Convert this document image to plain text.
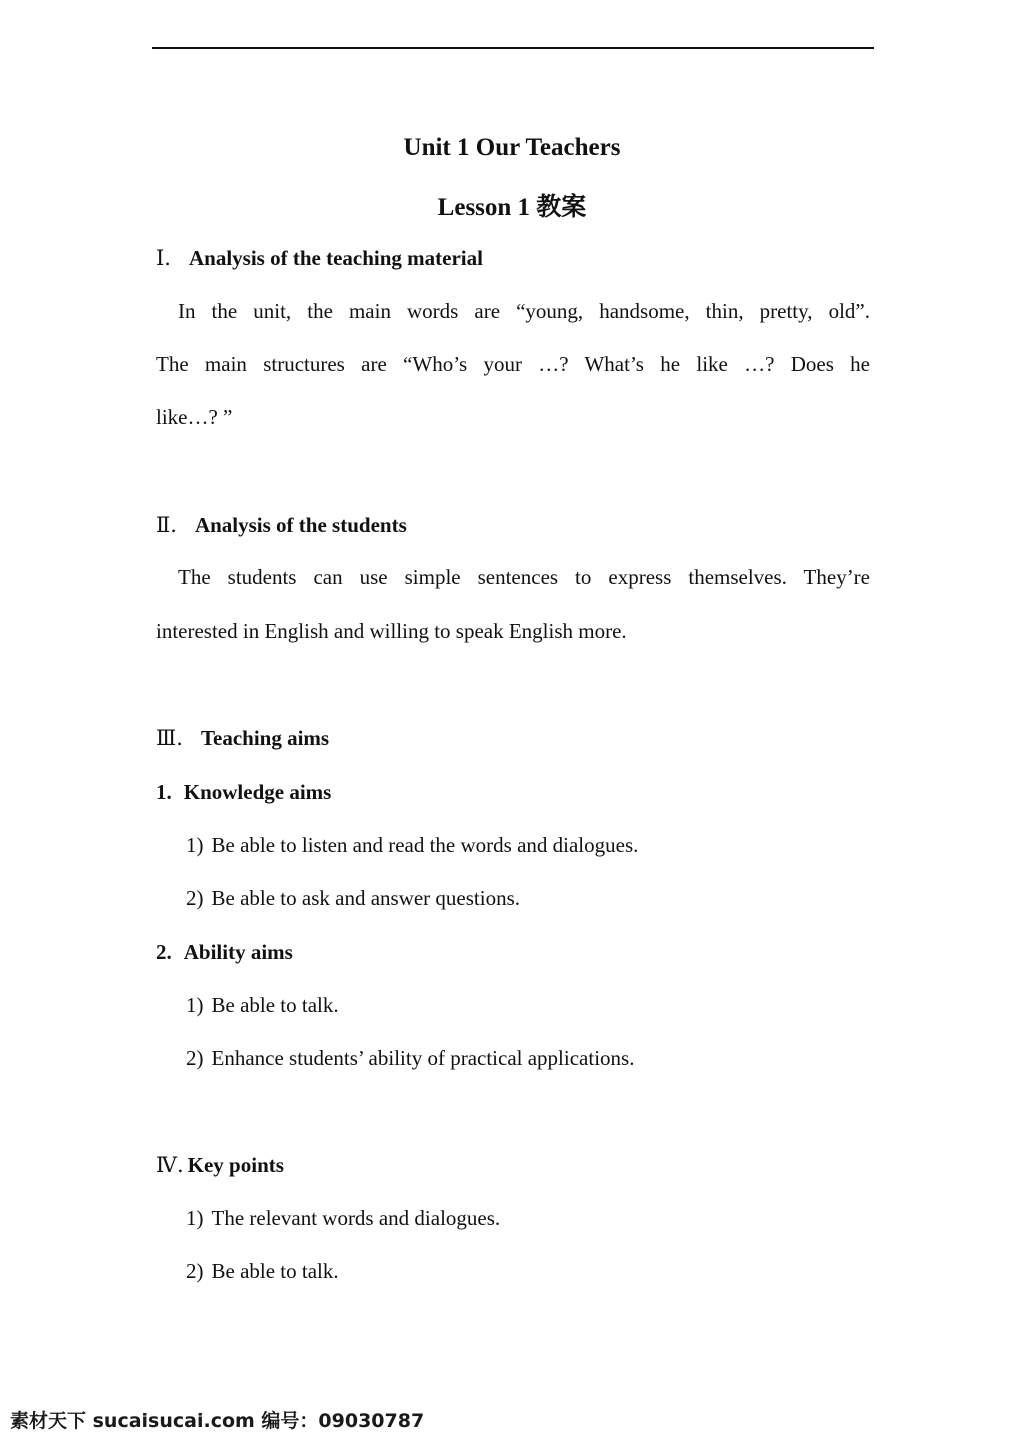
Unit 1 Our Teachers
Lesson 1 教案
Ⅰ. Analysis of the teaching material
In the unit, the main words are “young, handsome, thin, pretty, old”.
The main structures are “Who’s your …? What’s he like …? Does he
like…? ”
Ⅱ. Analysis of the students
The students can use simple sentences to express themselves. They’re
interested in English and willing to speak English more.
Ⅲ. Teaching aims
1. Knowledge aims
1) Be able to listen and read the words and dialogues.
2) Be able to ask and answer questions.
2. Ability aims
1) Be able to talk.
2) Enhance students’ ability of practical applications.
Ⅳ. Key points
1) The relevant words and dialogues.
2) Be able to talk.
素材天下 sucaisucai.com 编号：09030787
